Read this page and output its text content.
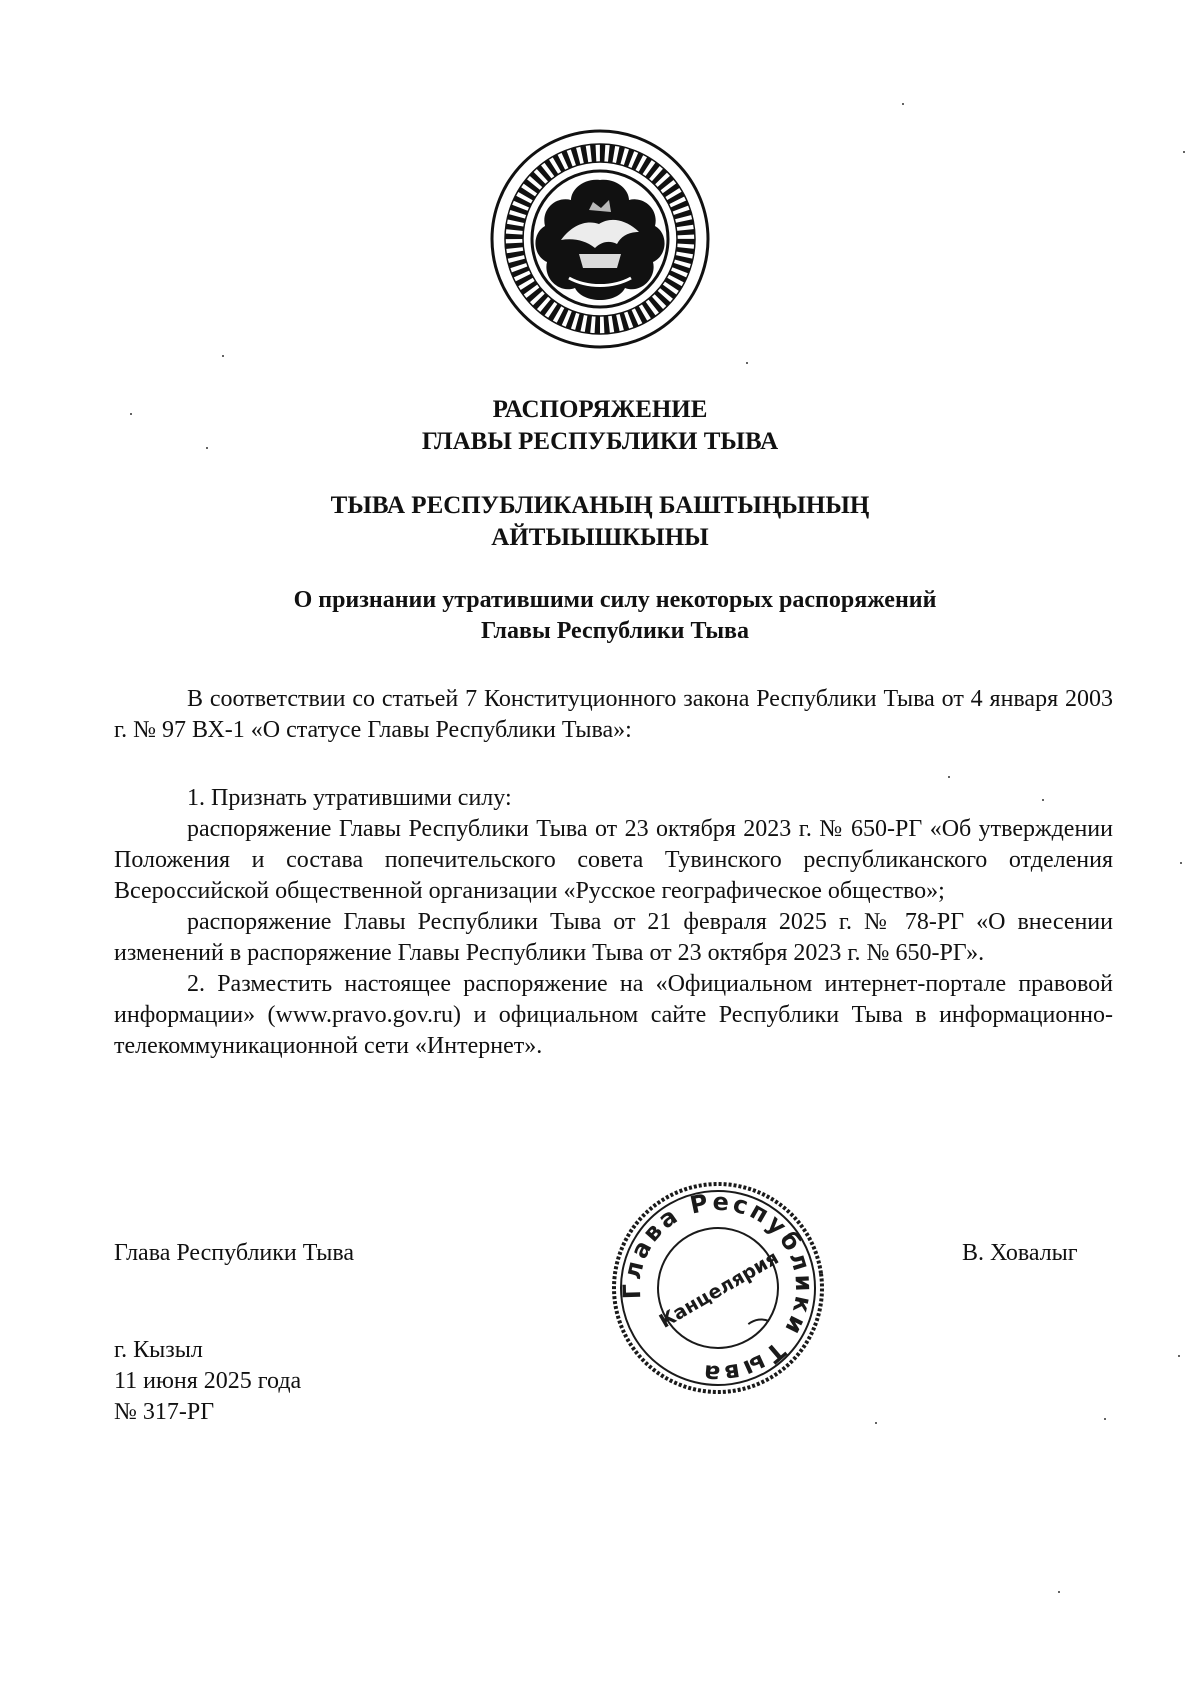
РАСПОРЯЖЕНИЕ
ГЛАВЫ РЕСПУБЛИКИ ТЫВА
ТЫВА РЕСПУБЛИКАНЫҢ БАШТЫҢЫНЫҢ
АЙТЫЫШКЫНЫ
О признании утратившими силу некоторых распоряжений
Главы Республики Тыва

В соответствии со статьей 7 Конституционного закона Республики Тыва от 4 января 2003 г. № 97 ВХ-1 «О статусе Главы Республики Тыва»:

1. Признать утратившими силу:

распоряжение Главы Республики Тыва от 23 октября 2023 г. № 650-РГ «Об утверждении Положения и состава попечительского совета Тувинского республиканского отделения Всероссийской общественной организации «Русское географическое общество»;

распоряжение Главы Республики Тыва от 21 февраля 2025 г. № 78-РГ «О внесении изменений в распоряжение Главы Республики Тыва от 23 октября 2023 г. № 650-РГ».

2. Разместить настоящее распоряжение на «Официальном интернет-портале правовой информации» (www.pravo.gov.ru) и официальном сайте Республики Тыва в информационно-телекоммуникационной сети «Интернет».

Глава Республики Тыва	В. Ховалыг
Глава Республики Тыва
Канцелярия
г. Кызыл
11 июня 2025 года
№ 317-РГ
